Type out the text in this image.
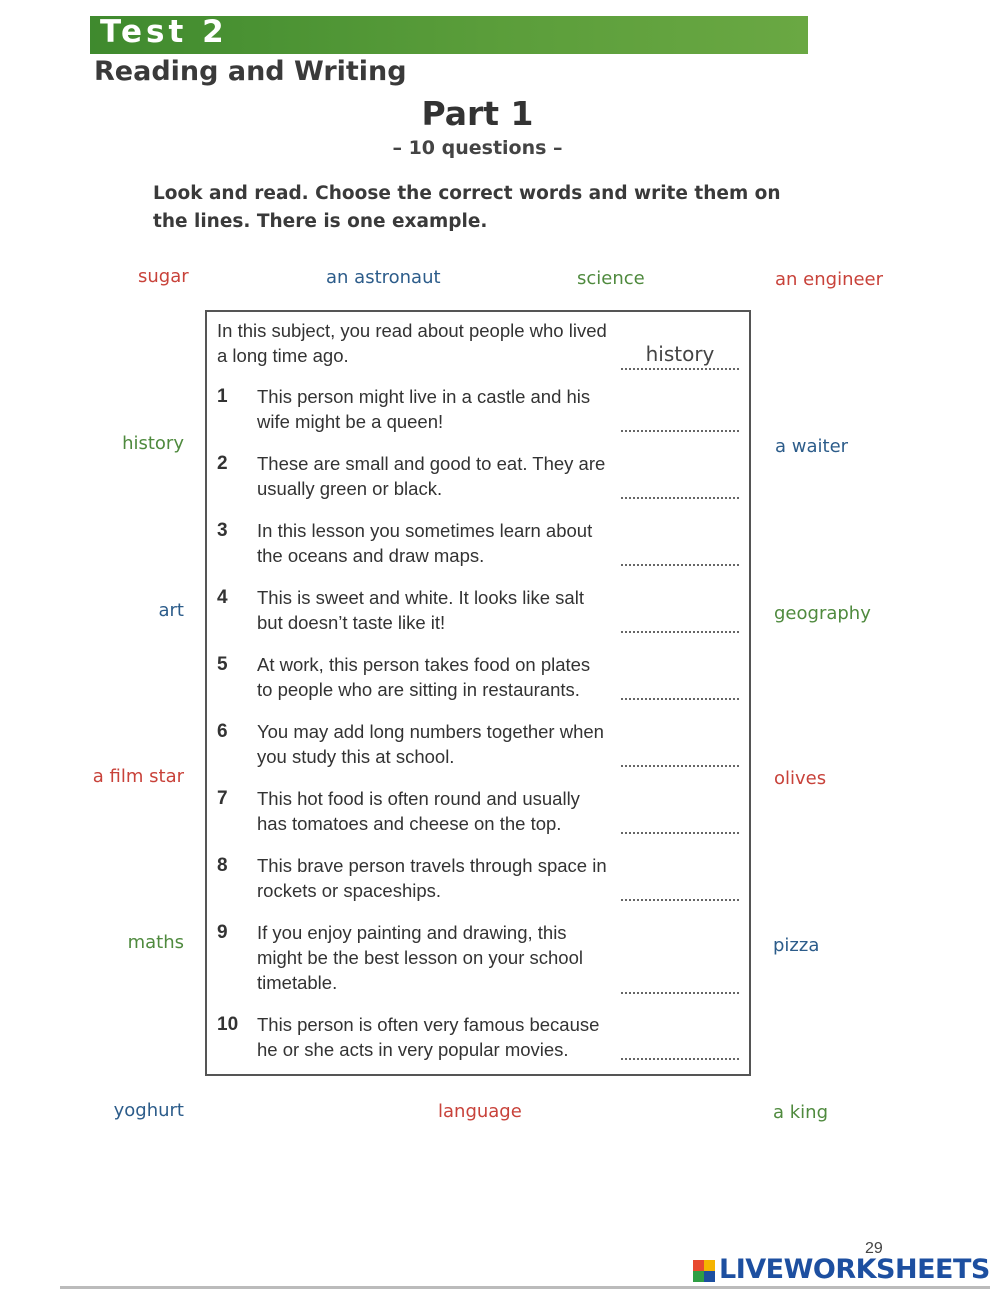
Test 2
Reading and Writing
Part 1
– 10 questions –
Look and read. Choose the correct words and write them on the lines. There is one example.
sugar	an astronaut	science	an engineer
history
art
a film star
maths
yoghurt
a waiter
geography
olives
pizza
a king
language
In this subject, you read about people who lived a long time ago.	history
1	This person might live in a castle and his wife might be a queen!
2	These are small and good to eat. They are usually green or black.
3	In this lesson you sometimes learn about the oceans and draw maps.
4	This is sweet and white. It looks like salt but doesn’t taste like it!
5	At work, this person takes food on plates to people who are sitting in restaurants.
6	You may add long numbers together when you study this at school.
7	This hot food is often round and usually has tomatoes and cheese on the top.
8	This brave person travels through space in rockets or spaceships.
9	If you enjoy painting and drawing, this might be the best lesson on your school timetable.
10	This person is often very famous because he or she acts in very popular movies.
29
LIVEWORKSHEETS
